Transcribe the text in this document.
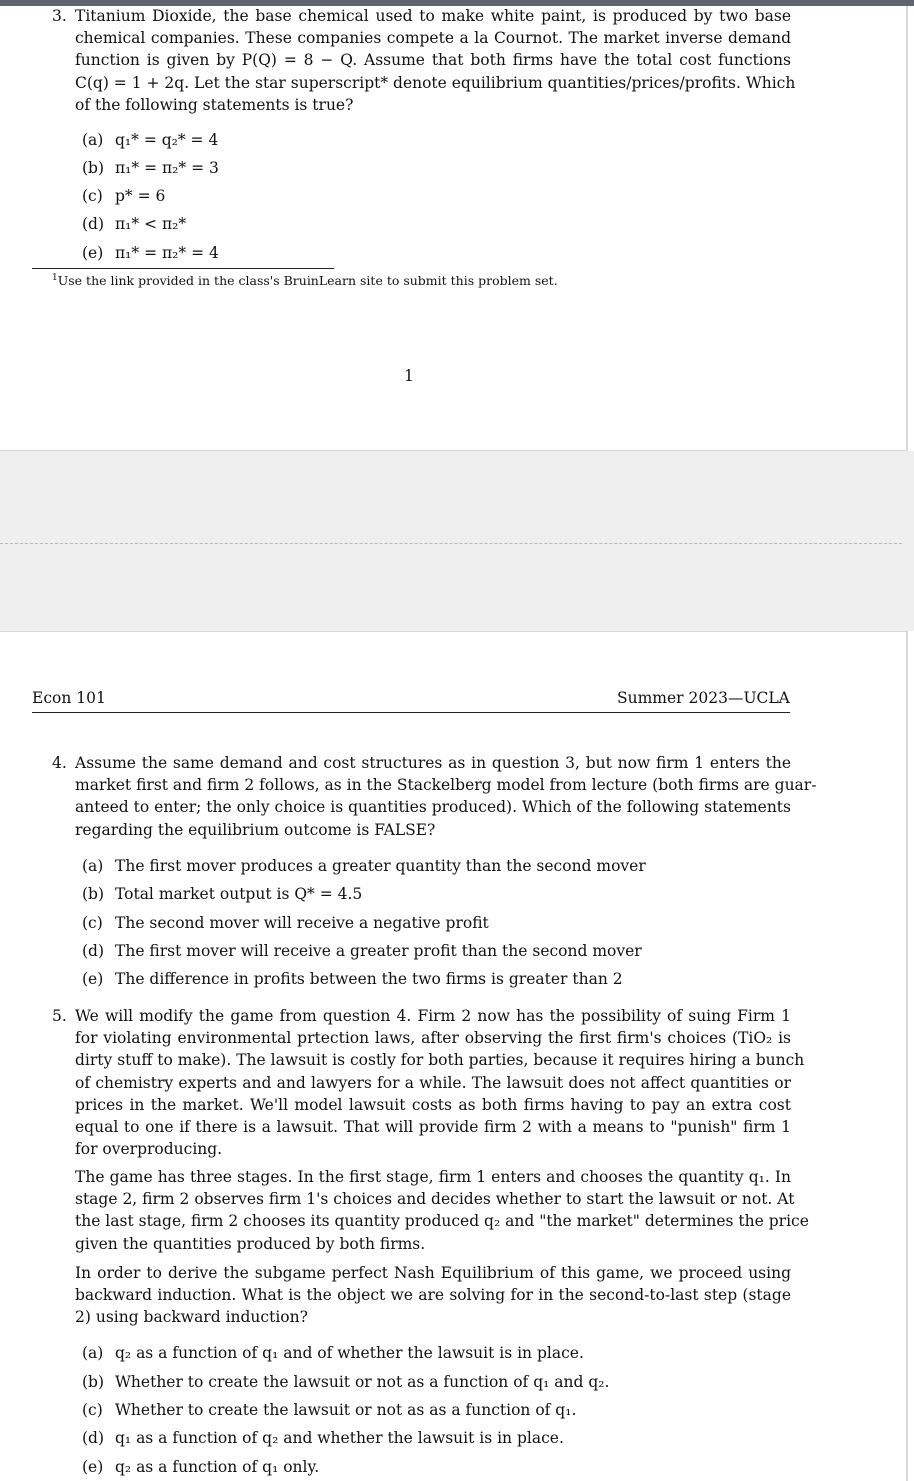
3. Titanium Dioxide, the base chemical used to make white paint, is produced by two base
chemical companies. These companies compete a la Cournot. The market inverse demand
function is given by P(Q) = 8 − Q. Assume that both firms have the total cost functions
C(q) = 1 + 2q. Let the star superscript* denote equilibrium quantities/prices/profits. Which
of the following statements is true?
(a) q₁* = q₂* = 4
(b) π₁* = π₂* = 3
(c) p* = 6
(d) π₁* < π₂*
(e) π₁* = π₂* = 4
$^1$Use the link provided in the class's BruinLearn site to submit this problem set.
1
Econ 101	Summer 2023—UCLA
4. Assume the same demand and cost structures as in question 3, but now firm 1 enters the
market first and firm 2 follows, as in the Stackelberg model from lecture (both firms are guar-
anteed to enter; the only choice is quantities produced). Which of the following statements
regarding the equilibrium outcome is FALSE?
(a) The first mover produces a greater quantity than the second mover
(b) Total market output is Q* = 4.5
(c) The second mover will receive a negative profit
(d) The first mover will receive a greater profit than the second mover
(e) The difference in profits between the two firms is greater than 2
5. We will modify the game from question 4. Firm 2 now has the possibility of suing Firm 1
for violating environmental prtection laws, after observing the first firm's choices (TiO₂ is
dirty stuff to make). The lawsuit is costly for both parties, because it requires hiring a bunch
of chemistry experts and and lawyers for a while. The lawsuit does not affect quantities or
prices in the market. We'll model lawsuit costs as both firms having to pay an extra cost
equal to one if there is a lawsuit. That will provide firm 2 with a means to "punish" firm 1
for overproducing.
The game has three stages. In the first stage, firm 1 enters and chooses the quantity q₁. In
stage 2, firm 2 observes firm 1's choices and decides whether to start the lawsuit or not. At
the last stage, firm 2 chooses its quantity produced q₂ and "the market" determines the price
given the quantities produced by both firms.
In order to derive the subgame perfect Nash Equilibrium of this game, we proceed using
backward induction. What is the object we are solving for in the second-to-last step (stage
2) using backward induction?
(a) q₂ as a function of q₁ and of whether the lawsuit is in place.
(b) Whether to create the lawsuit or not as a function of q₁ and q₂.
(c) Whether to create the lawsuit or not as as a function of q₁.
(d) q₁ as a function of q₂ and whether the lawsuit is in place.
(e) q₂ as a function of q₁ only.
